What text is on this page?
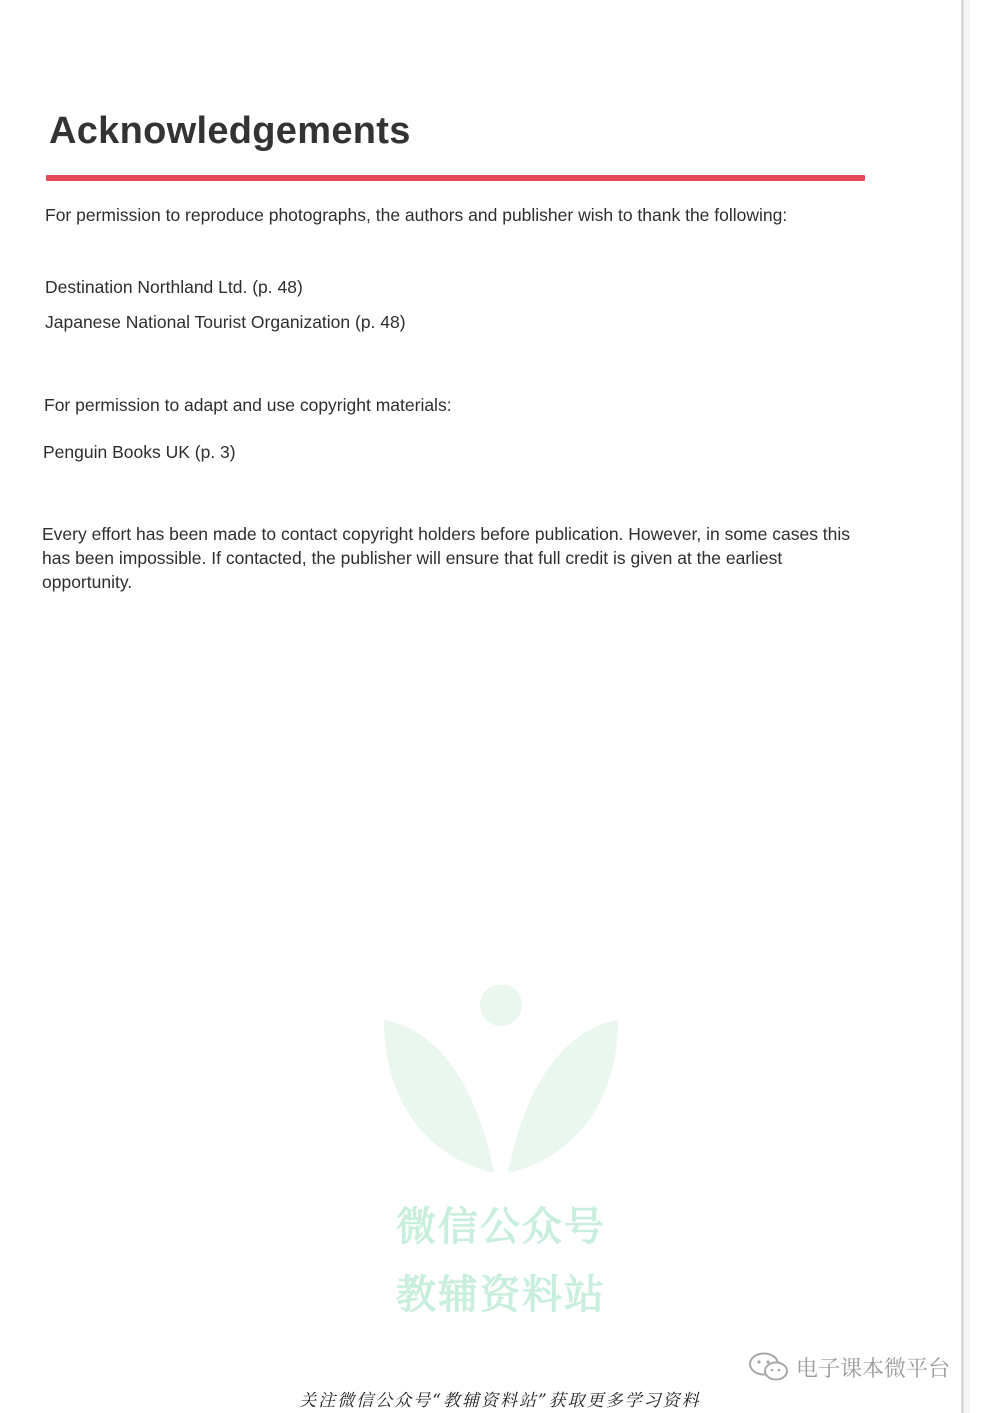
Acknowledgements

For permission to reproduce photographs, the authors and publisher wish to thank the following:

Destination Northland Ltd. (p. 48)

Japanese National Tourist Organization (p. 48)

For permission to adapt and use copyright materials:

Penguin Books UK (p. 3)

Every effort has been made to contact copyright holders before publication. However, in some cases this has been impossible. If contacted, the publisher will ensure that full credit is given at the earliest opportunity.

微信公众号
教辅资料站
电子课本微平台
关注微信公众号“教辅资料站”获取更多学习资料
